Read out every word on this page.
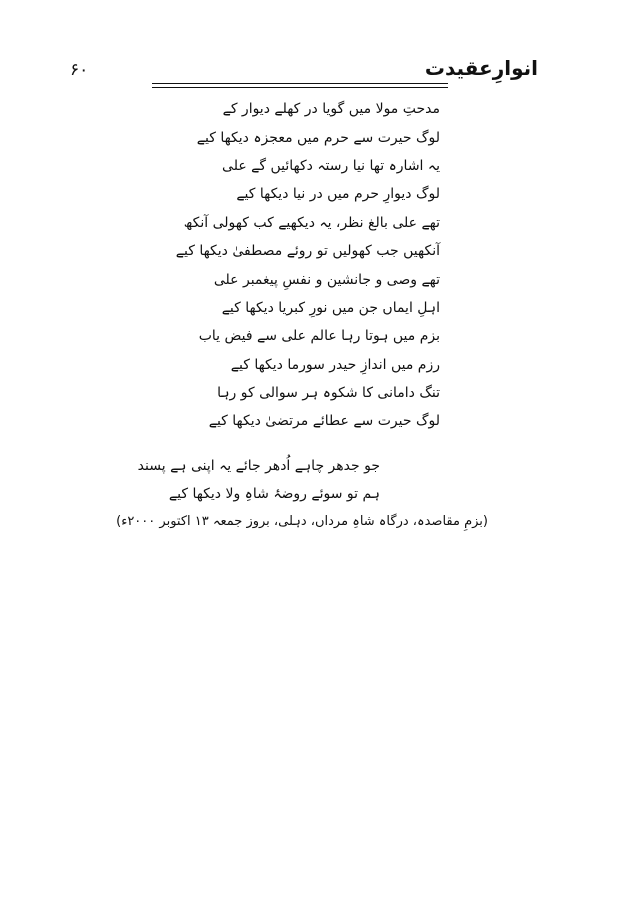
۶۰	انوارِعقیدت
مدحتِ مولا میں گویا در کھلے دیوار کے
لوگ حیرت سے حرم میں معجزہ دیکھا کیے
یہ اشارہ تھا نیا رستہ دکھائیں گے علی
لوگ دیوارِ حرم میں در نیا دیکھا کیے
تھے علی بالغ نظر، یہ دیکھیے کب کھولی آنکھ
آنکھیں جب کھولیں تو روئے مصطفیٰ دیکھا کیے
تھے وصی و جانشین و نفسِ پیغمبر علی
اہلِ ایماں جن میں نورِ کبریا دیکھا کیے
بزم میں ہوتا رہا عالم علی سے فیض یاب
رزم میں اندازِ حیدر سورما دیکھا کیے
تنگ دامانی کا شکوہ ہر سوالی کو رہا
لوگ حیرت سے عطائے مرتضیٰ دیکھا کیے
جو جدھر چاہے اُدھر جائے یہ اپنی ہے پسند
ہم تو سوئے روضۂ شاہِ ولا دیکھا کیے
(بزمِ مقاصدہ، درگاہ شاہِ مرداں، دہلی، بروز جمعہ ۱۳ اکتوبر ۲۰۰۰ء)
